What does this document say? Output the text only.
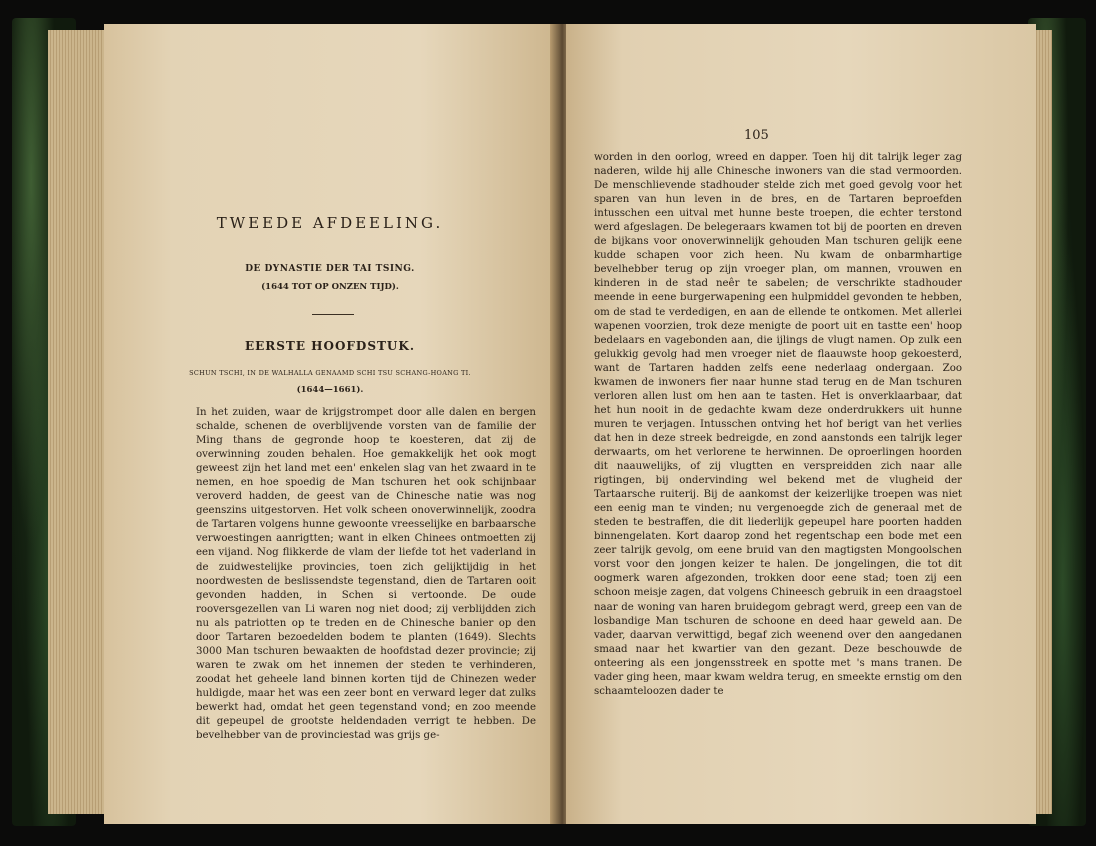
TWEEDE AFDEELING.
DE DYNASTIE DER TAI TSING.
(1644 TOT OP ONZEN TIJD).
EERSTE HOOFDSTUK.
SCHUN TSCHI, IN DE WALHALLA GENAAMD SCHI TSU SCHANG-HOANG TI.
(1644—1661).

In het zuiden, waar de krijgstrompet door alle dalen en bergen schalde, schenen de overblijvende vorsten van de familie der Ming thans de gegronde hoop te koesteren, dat zij de overwinning zouden behalen. Hoe gemakkelijk het ook mogt geweest zijn het land met een' enkelen slag van het zwaard in te nemen, en hoe spoedig de Man tschuren het ook schijnbaar veroverd hadden, de geest van de Chinesche natie was nog geenszins uitgestorven. Het volk scheen onoverwinnelijk, zoodra de Tartaren volgens hunne gewoonte vreesselijke en barbaarsche verwoestingen aanrigtten; want in elken Chinees ontmoetten zij een vijand. Nog flikkerde de vlam der liefde tot het vaderland in de zuidwestelijke provincies, toen zich gelijktijdig in het noordwesten de beslissendste tegenstand, dien de Tartaren ooit gevonden hadden, in Schen si vertoonde. De oude rooversgezellen van Li waren nog niet dood; zij verblijdden zich nu als patriotten op te treden en de Chinesche banier op den door Tartaren bezoedelden bodem te planten (1649). Slechts 3000 Man tschuren bewaakten de hoofdstad dezer provincie; zij waren te zwak om het innemen der steden te verhinderen, zoodat het geheele land binnen korten tijd de Chinezen weder huldigde, maar het was een zeer bont en verward leger dat zulks bewerkt had, omdat het geen tegenstand vond; en zoo meende dit gepeupel de grootste heldendaden verrigt te hebben. De bevelhebber van de provinciestad was grijs ge-

105

worden in den oorlog, wreed en dapper. Toen hij dit talrijk leger zag naderen, wilde hij alle Chinesche inwoners van die stad vermoorden. De menschlievende stadhouder stelde zich met goed gevolg voor het sparen van hun leven in de bres, en de Tartaren beproefden intusschen een uitval met hunne beste troepen, die echter terstond werd afgeslagen. De belegeraars kwamen tot bij de poorten en dreven de bijkans voor onoverwinnelijk gehouden Man tschuren gelijk eene kudde schapen voor zich heen. Nu kwam de onbarmhartige bevelhebber terug op zijn vroeger plan, om mannen, vrouwen en kinderen in de stad neêr te sabelen; de verschrikte stadhouder meende in eene burgerwapening een hulpmiddel gevonden te hebben, om de stad te verdedigen, en aan de ellende te ontkomen. Met allerlei wapenen voorzien, trok deze menigte de poort uit en tastte een' hoop bedelaars en vagebonden aan, die ijlings de vlugt namen. Op zulk een gelukkig gevolg had men vroeger niet de flaauwste hoop gekoesterd, want de Tartaren hadden zelfs eene nederlaag ondergaan. Zoo kwamen de inwoners fier naar hunne stad terug en de Man tschuren verloren allen lust om hen aan te tasten. Het is onverklaarbaar, dat het hun nooit in de gedachte kwam deze onderdrukkers uit hunne muren te verjagen. Intusschen ontving het hof berigt van het verlies dat hen in deze streek bedreigde, en zond aanstonds een talrijk leger derwaarts, om het verlorene te herwinnen. De oproerlingen hoorden dit naauwelijks, of zij vlugtten en verspreidden zich naar alle rigtingen, bij ondervinding wel bekend met de vlugheid der Tartaarsche ruiterij. Bij de aankomst der keizerlijke troepen was niet een eenig man te vinden; nu vergenoegde zich de generaal met de steden te bestraffen, die dit liederlijk gepeupel hare poorten hadden binnengelaten. Kort daarop zond het regentschap een bode met een zeer talrijk gevolg, om eene bruid van den magtigsten Mongoolschen vorst voor den jongen keizer te halen. De jongelingen, die tot dit oogmerk waren afgezonden, trokken door eene stad; toen zij een schoon meisje zagen, dat volgens Chineesch gebruik in een draagstoel naar de woning van haren bruidegom gebragt werd, greep een van de losbandige Man tschuren de schoone en deed haar geweld aan. De vader, daarvan verwittigd, begaf zich weenend over den aangedanen smaad naar het kwartier van den gezant. Deze beschouwde de onteering als een jongensstreek en spotte met 's mans tranen. De vader ging heen, maar kwam weldra terug, en smeekte ernstig om den schaamteloozen dader te
